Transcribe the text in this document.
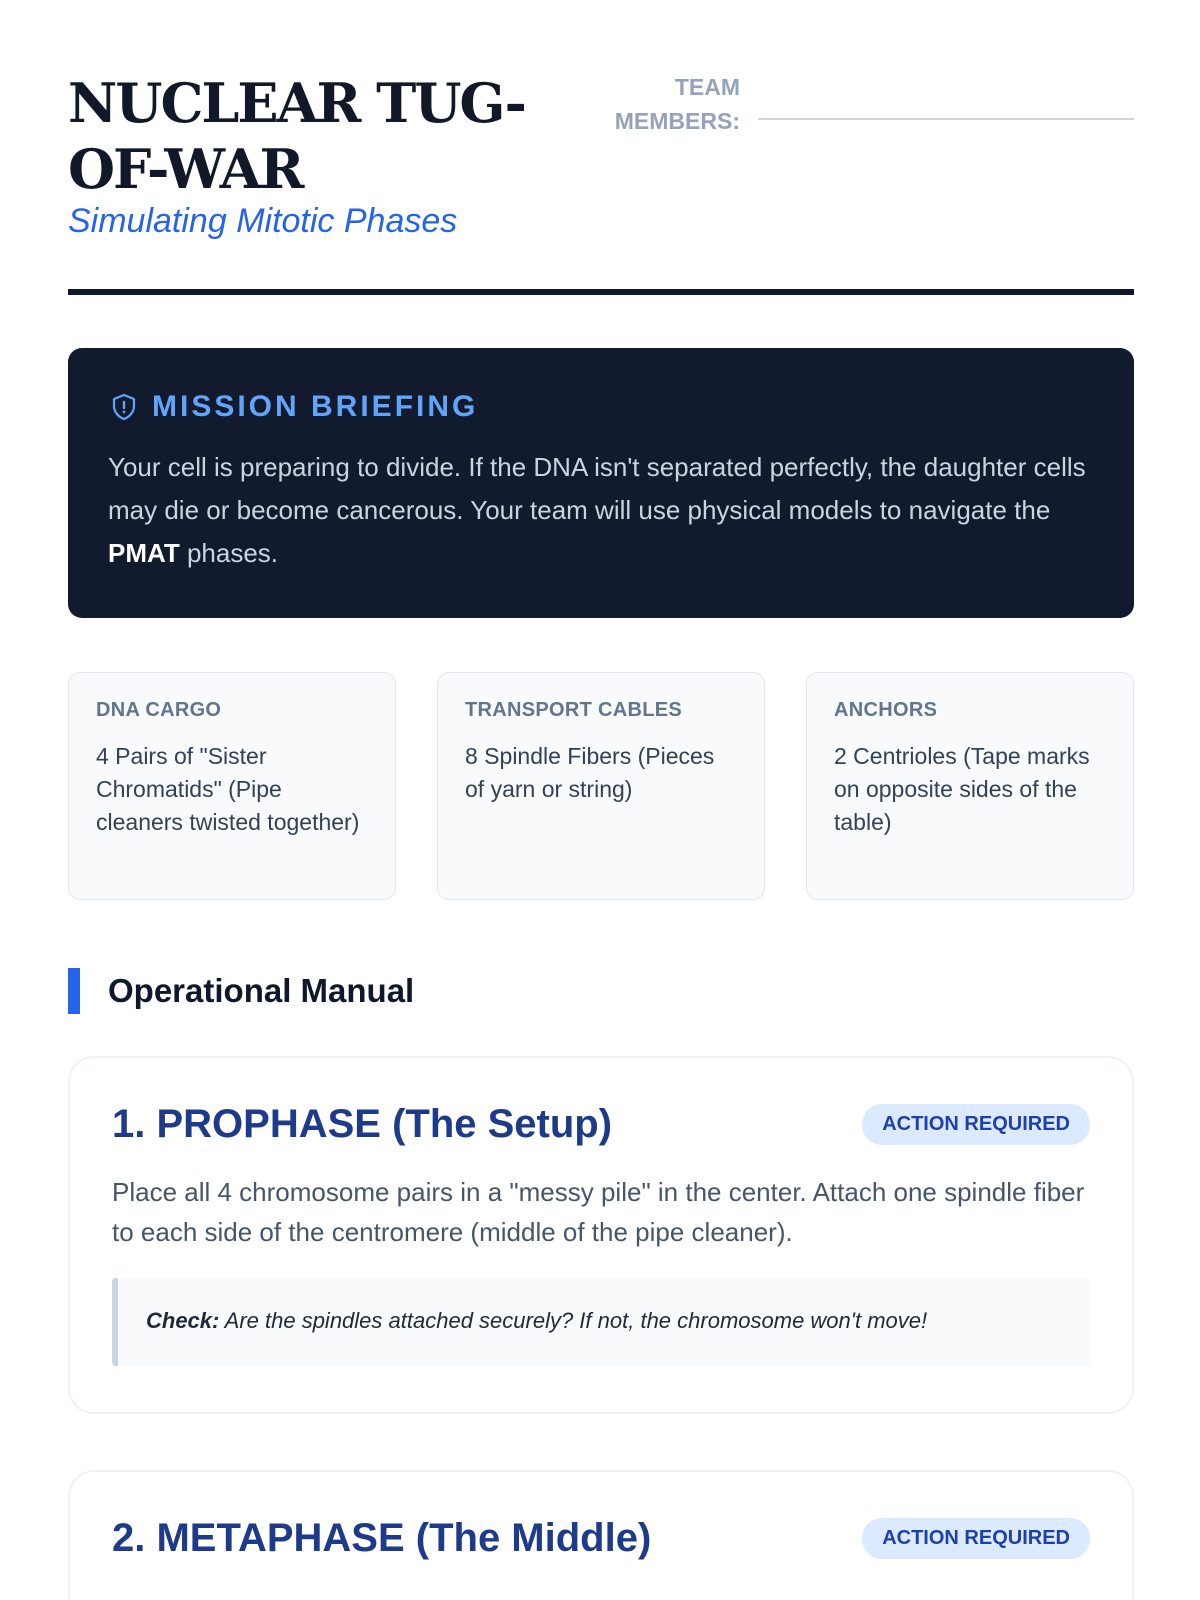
NUCLEAR TUG-OF-WAR
Simulating Mitotic Phases
TEAM MEMBERS:
MISSION BRIEFING

Your cell is preparing to divide. If the DNA isn't separated perfectly, the daughter cells may die or become cancerous. Your team will use physical models to navigate the PMAT phases.

DNA CARGO
4 Pairs of "Sister Chromatids" (Pipe cleaners twisted together)
TRANSPORT CABLES
8 Spindle Fibers (Pieces of yarn or string)
ANCHORS
2 Centrioles (Tape marks on opposite sides of the table)
Operational Manual
1. PROPHASE (The Setup)	ACTION REQUIRED

Place all 4 chromosome pairs in a "messy pile" in the center. Attach one spindle fiber to each side of the centromere (middle of the pipe cleaner).

Check: Are the spindles attached securely? If not, the chromosome won't move!
2. METAPHASE (The Middle)	ACTION REQUIRED
